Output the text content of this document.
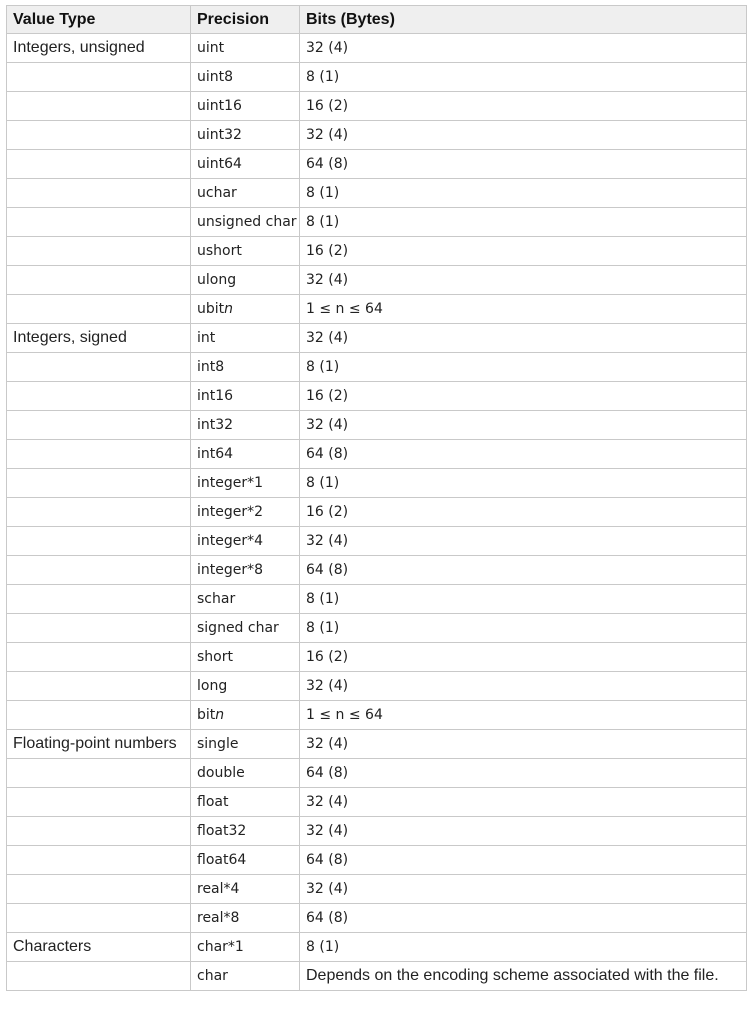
Value Type	Precision	Bits (Bytes)
Integers, unsigned	uint	32 (4)
	uint8	8 (1)
	uint16	16 (2)
	uint32	32 (4)
	uint64	64 (8)
	uchar	8 (1)
	unsigned char	8 (1)
	ushort	16 (2)
	ulong	32 (4)
	ubitn	1 ≤ n ≤ 64
Integers, signed	int	32 (4)
	int8	8 (1)
	int16	16 (2)
	int32	32 (4)
	int64	64 (8)
	integer*1	8 (1)
	integer*2	16 (2)
	integer*4	32 (4)
	integer*8	64 (8)
	schar	8 (1)
	signed char	8 (1)
	short	16 (2)
	long	32 (4)
	bitn	1 ≤ n ≤ 64
Floating-point numbers	single	32 (4)
	double	64 (8)
	float	32 (4)
	float32	32 (4)
	float64	64 (8)
	real*4	32 (4)
	real*8	64 (8)
Characters	char*1	8 (1)
	char	Depends on the encoding scheme associated with the file.
